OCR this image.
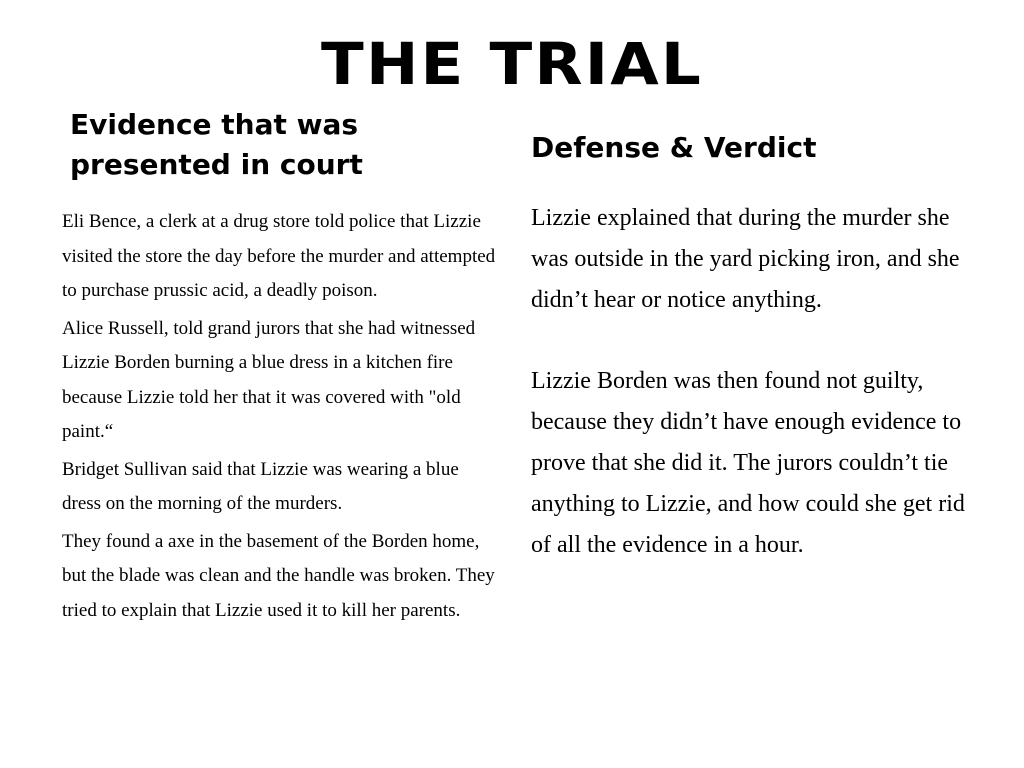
THE TRIAL
Evidence that was presented in court

Eli Bence, a clerk at a drug store told police that Lizzie visited the store the day before the murder and attempted to purchase prussic acid, a deadly poison.

Alice Russell, told grand jurors that she had witnessed Lizzie Borden burning a blue dress in a kitchen fire because Lizzie told her that it was covered with "old paint.“

Bridget Sullivan said that Lizzie was wearing a blue dress on the morning of the murders.

They found a axe in the basement of the Borden home, but the blade was clean and the handle was broken. They tried to explain that Lizzie used it to kill her parents.

Defense & Verdict

Lizzie explained that during the murder she was outside in the yard picking iron, and she didn’t hear or notice anything.

Lizzie Borden was then found not guilty, because they didn’t have enough evidence to prove that she did it. The jurors couldn’t tie anything to Lizzie, and how could she get rid of all the evidence in a hour.
